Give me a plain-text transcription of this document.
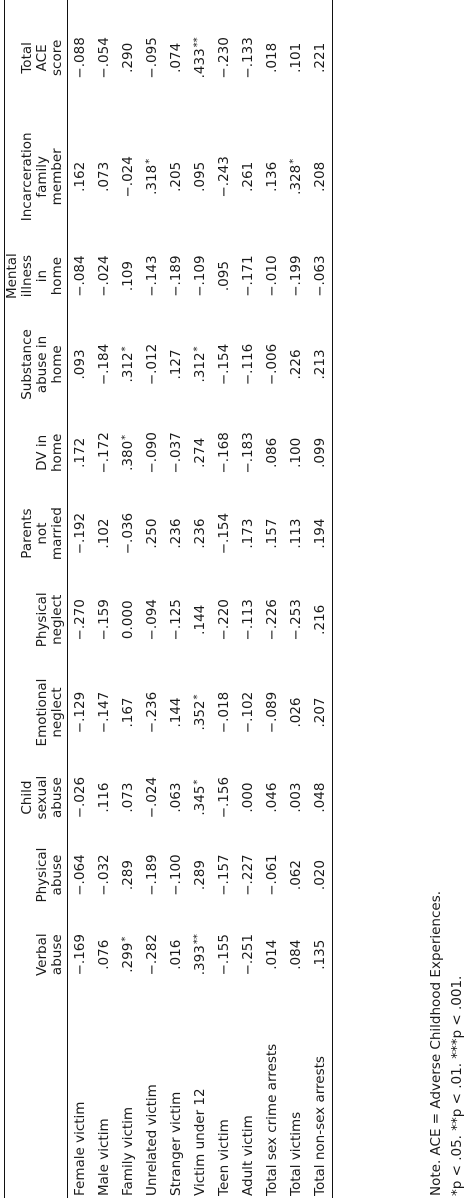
	Verbal abuse	Physical abuse	Child sexual abuse	Emotional neglect	Physical neglect	Parents not married	DV in home	Substance abuse in home	Mental illness in home	Incarceration family member	Total ACE score

Female victim	−.169	−.064	−.026	−.129	−.270	−.192	.172	.093	−.084	.162	−.088
Male victim	.076	−.032	.116	−.147	−.159	.102	−.172	−.184	−.024	.073	−.054
Family victim	.299*	.289	.073	.167	0.000	−.036	.380*	.312*	.109	−.024	.290
Unrelated victim	−.282	−.189	−.024	−.236	−.094	.250	−.090	−.012	−.143	.318*	−.095
Stranger victim	.016	−.100	.063	.144	−.125	.236	−.037	.127	−.189	.205	.074
Victim under 12	.393**	.289	.345*	.352*	.144	.236	.274	.312*	−.109	.095	.433**
Teen victim	−.155	−.157	−.156	−.018	−.220	−.154	−.168	−.154	.095	−.243	−.230
Adult victim	−.251	−.227	.000	−.102	−.113	.173	−.183	−.116	−.171	.261	−.133
Total sex crime arrests	.014	−.061	.046	−.089	−.226	.157	.086	−.006	−.010	.136	.018
Total victims	.084	.062	.003	.026	−.253	.113	.100	.226	−.199	.328*	.101
Total non-sex arrests	.135	.020	.048	.207	.216	.194	.099	.213	−.063	.208	.221
Note. ACE = Adverse Childhood Experiences. *p < .05. **p < .01. ***p < .001.
